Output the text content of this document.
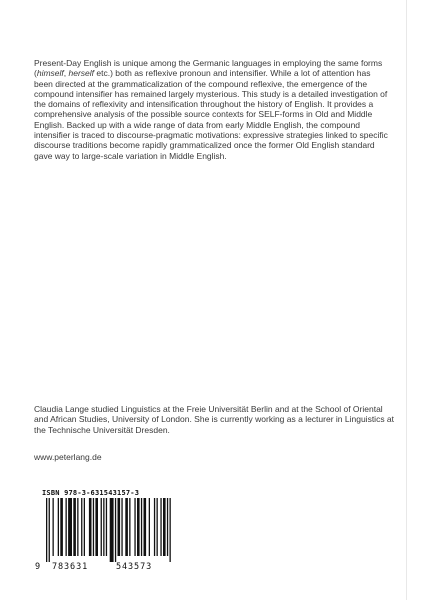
Present-Day English is unique among the Germanic languages in employing the same forms (himself, herself etc.) both as reflexive pronoun and intensifier. While a lot of attention has been directed at the grammaticalization of the compound reflexive, the emergence of the compound intensifier has remained largely mysterious. This study is a detailed investigation of the domains of reflexivity and intensification throughout the history of English. It provides a comprehensive analysis of the possible source contexts for SELF-forms in Old and Middle English. Backed up with a wide range of data from early Middle English, the compound intensifier is traced to discourse-pragmatic motivations: expressive strategies linked to specific discourse traditions become rapidly grammaticalized once the former Old English standard gave way to large-scale variation in Middle English.

Claudia Lange studied Linguistics at the Freie Universität Berlin and at the School of Oriental and African Studies, University of London. She is currently working as a lecturer in Linguistics at the Technische Universität Dresden.

www.peterlang.de

ISBN 978-3-631543157-3
9 783631	543573
